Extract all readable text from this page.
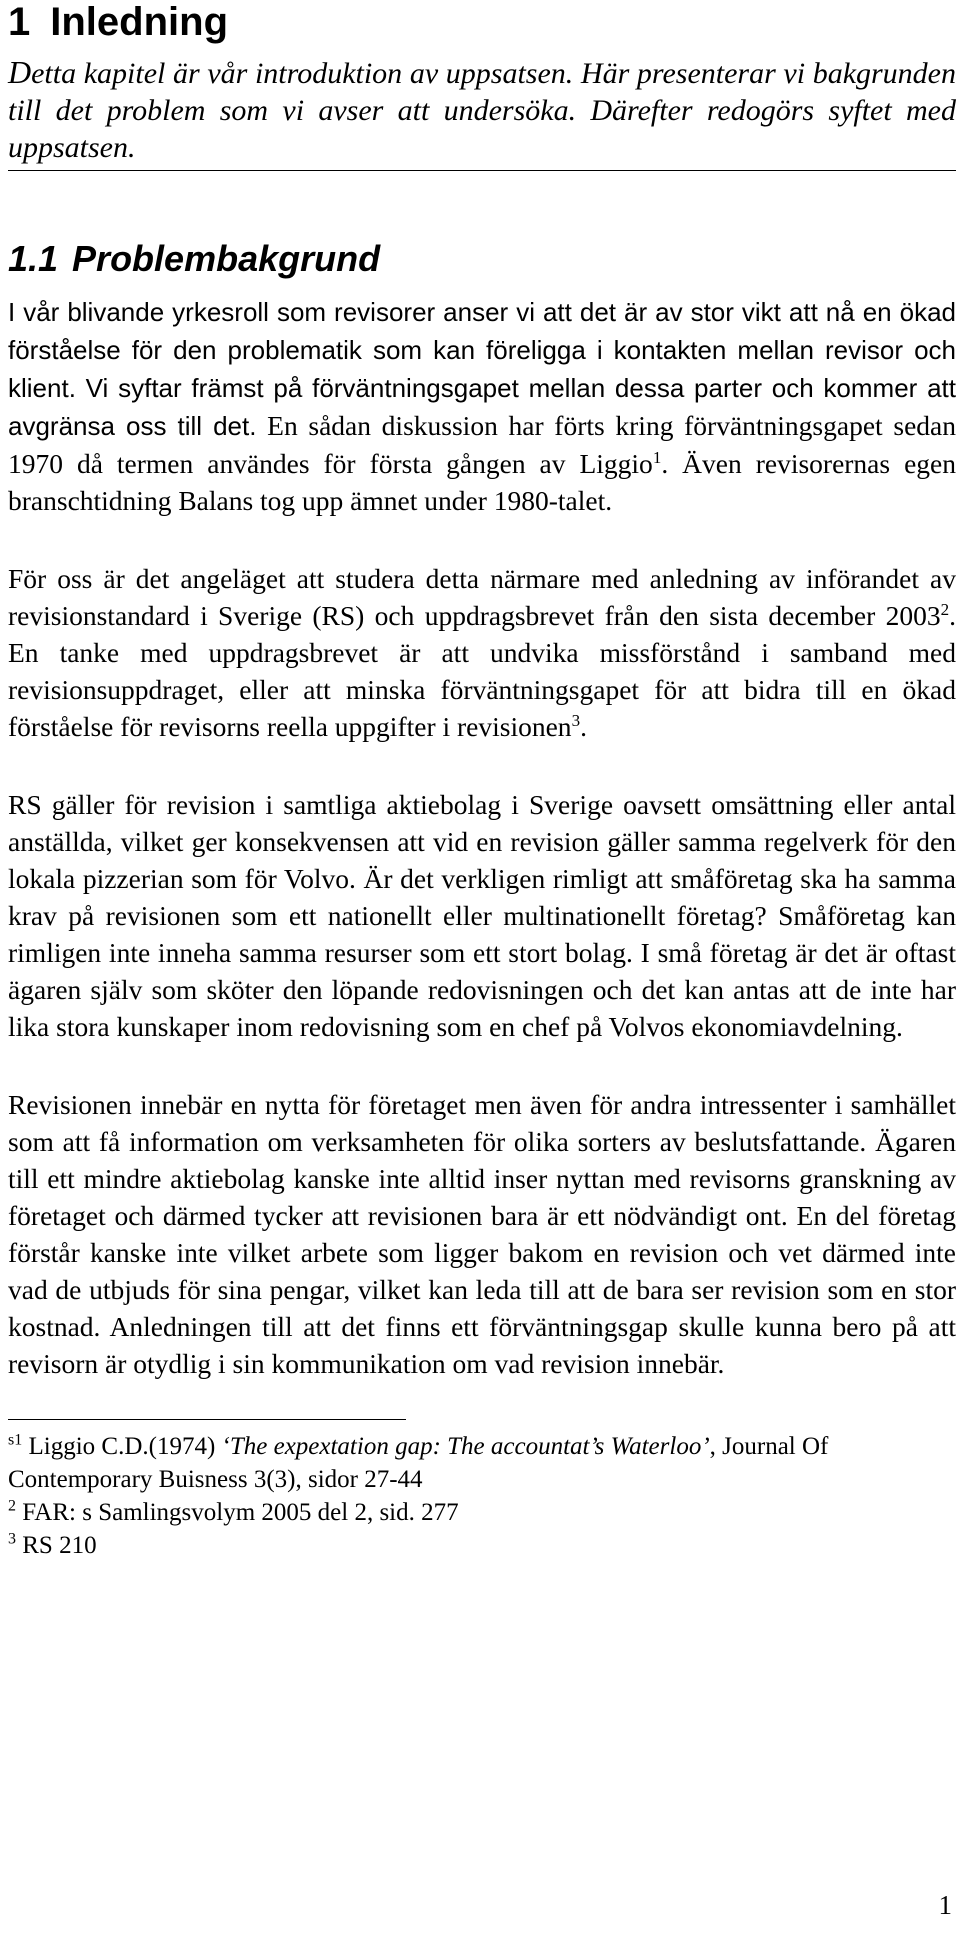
1 Inledning
Detta kapitel är vår introduktion av uppsatsen. Här presenterar vi bakgrunden till det problem som vi avser att undersöka. Därefter redogörs syftet med uppsatsen.
1.1 Problembakgrund

I vår blivande yrkesroll som revisorer anser vi att det är av stor vikt att nå en ökad förståelse för den problematik som kan föreligga i kontakten mellan revisor och klient. Vi syftar främst på förväntningsgapet mellan dessa parter och kommer att avgränsa oss till det. En sådan diskussion har förts kring förväntningsgapet sedan 1970 då termen användes för första gången av Liggio$^1$. Även revisorernas egen branschtidning Balans tog upp ämnet under 1980-talet.

För oss är det angeläget att studera detta närmare med anledning av införandet av revisionstandard i Sverige (RS) och uppdragsbrevet från den sista december 2003$^2$. En tanke med uppdragsbrevet är att undvika missförstånd i samband med revisionsuppdraget, eller att minska förväntningsgapet för att bidra till en ökad förståelse för revisorns reella uppgifter i revisionen$^3$.

RS gäller för revision i samtliga aktiebolag i Sverige oavsett omsättning eller antal anställda, vilket ger konsekvensen att vid en revision gäller samma regelverk för den lokala pizzerian som för Volvo. Är det verkligen rimligt att småföretag ska ha samma krav på revisionen som ett nationellt eller multinationellt företag? Småföretag kan rimligen inte inneha samma resurser som ett stort bolag. I små företag är det är oftast ägaren själv som sköter den löpande redovisningen och det kan antas att de inte har lika stora kunskaper inom redovisning som en chef på Volvos ekonomiavdelning.

Revisionen innebär en nytta för företaget men även för andra intressenter i samhället som att få information om verksamheten för olika sorters av beslutsfattande. Ägaren till ett mindre aktiebolag kanske inte alltid inser nyttan med revisorns granskning av företaget och därmed tycker att revisionen bara är ett nödvändigt ont. En del företag förstår kanske inte vilket arbete som ligger bakom en revision och vet därmed inte vad de utbjuds för sina pengar, vilket kan leda till att de bara ser revision som en stor kostnad. Anledningen till att det finns ett förväntningsgap skulle kunna bero på att revisorn är otydlig i sin kommunikation om vad revision innebär.

$^{s1}$ Liggio C.D.(1974) ‘The expextation gap: The accountat’s Waterloo’, Journal Of Contemporary Buisness 3(3), sidor 27-44

$^2$ FAR: s Samlingsvolym 2005 del 2, sid. 277

$^3$ RS 210

1
